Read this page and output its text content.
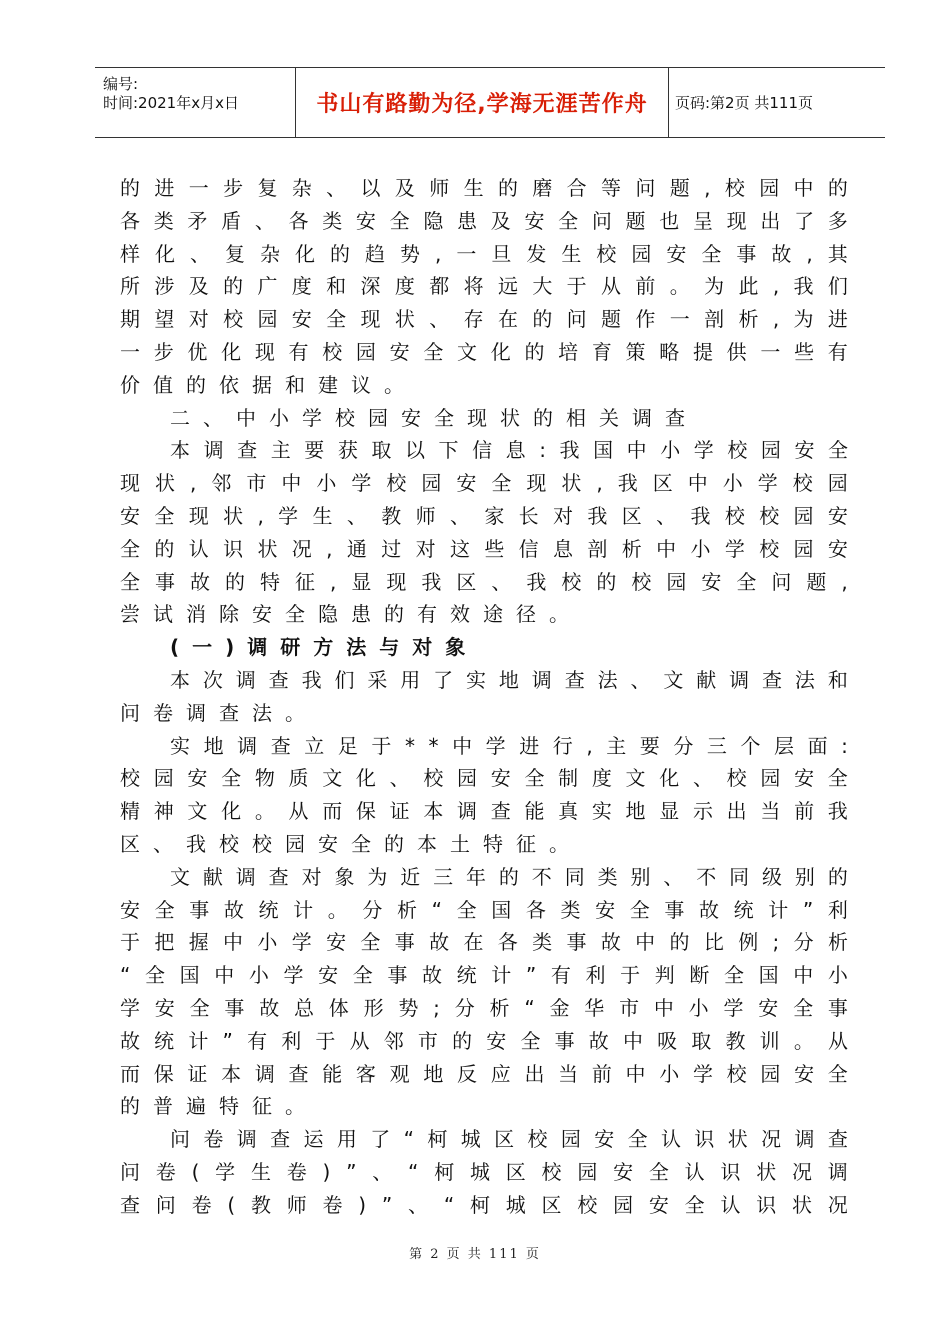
编号:
时间:2021年x月x日	书山有路勤为径,学海无涯苦作舟 页码:第2页 共111页
的 进 一 步 复 杂 、 以 及 师 生 的 磨 合 等 问 题 , 校 园 中 的
各 类 矛 盾 、 各 类 安 全 隐 患 及 安 全 问 题 也 呈 现 出 了 多
样 化 、 复 杂 化 的 趋 势 , 一 旦 发 生 校 园 安 全 事 故 , 其
所 涉 及 的 广 度 和 深 度 都 将 远 大 于 从 前 。 为 此 , 我 们
期 望 对 校 园 安 全 现 状 、 存 在 的 问 题 作 一 剖 析 , 为 进
一 步 优 化 现 有 校 园 安 全 文 化 的 培 育 策 略 提 供 一 些 有
价 值 的 依 据 和 建 议 。
二 、 中 小 学 校 园 安 全 现 状 的 相 关 调 查
本 调 查 主 要 获 取 以 下 信 息 : 我 国 中 小 学 校 园 安 全
现 状 , 邻 市 中 小 学 校 园 安 全 现 状 , 我 区 中 小 学 校 园
安 全 现 状 , 学 生 、 教 师 、 家 长 对 我 区 、 我 校 校 园 安
全 的 认 识 状 况 , 通 过 对 这 些 信 息 剖 析 中 小 学 校 园 安
全 事 故 的 特 征 , 显 现 我 区 、 我 校 的 校 园 安 全 问 题 ,
尝 试 消 除 安 全 隐 患 的 有 效 途 径 。
( 一 ) 调 研 方 法 与 对 象
本 次 调 查 我 们 采 用 了 实 地 调 查 法 、 文 献 调 查 法 和
问 卷 调 查 法 。
实 地 调 查 立 足 于 * * 中 学 进 行 , 主 要 分 三 个 层 面 :
校 园 安 全 物 质 文 化 、 校 园 安 全 制 度 文 化 、 校 园 安 全
精 神 文 化 。 从 而 保 证 本 调 查 能 真 实 地 显 示 出 当 前 我
区 、 我 校 校 园 安 全 的 本 土 特 征 。
文 献 调 查 对 象 为 近 三 年 的 不 同 类 别 、 不 同 级 别 的
安 全 事 故 统 计 。 分 析 “ 全 国 各 类 安 全 事 故 统 计 ” 利
于 把 握 中 小 学 安 全 事 故 在 各 类 事 故 中 的 比 例 ; 分 析
“ 全 国 中 小 学 安 全 事 故 统 计 ” 有 利 于 判 断 全 国 中 小
学 安 全 事 故 总 体 形 势 ; 分 析 “ 金 华 市 中 小 学 安 全 事
故 统 计 ” 有 利 于 从 邻 市 的 安 全 事 故 中 吸 取 教 训 。 从
而 保 证 本 调 查 能 客 观 地 反 应 出 当 前 中 小 学 校 园 安 全
的 普 遍 特 征 。
问 卷 调 查 运 用 了 “ 柯 城 区 校 园 安 全 认 识 状 况 调 查
问 卷 ( 学 生 卷 ) ” 、 “ 柯 城 区 校 园 安 全 认 识 状 况 调
查 问 卷 ( 教 师 卷 ) ” 、 “ 柯 城 区 校 园 安 全 认 识 状 况
第 2 页 共 111 页
